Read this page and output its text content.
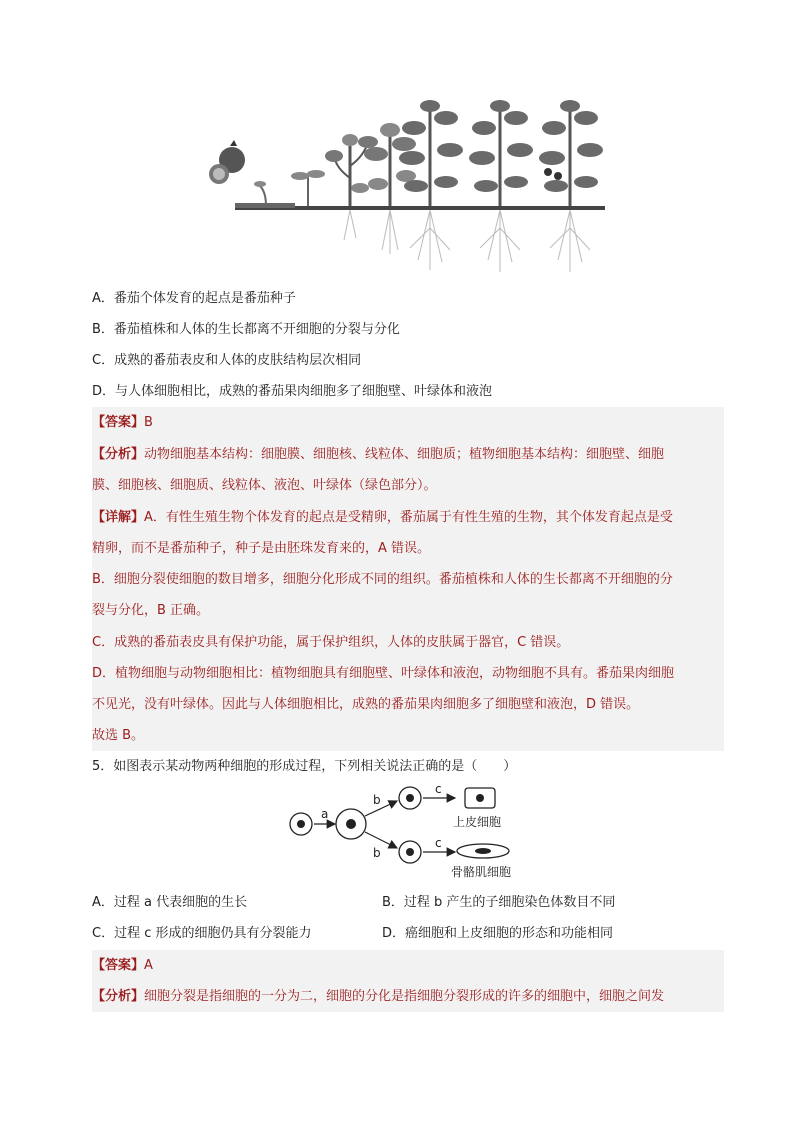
A．番茄个体发育的起点是番茄种子
B．番茄植株和人体的生长都离不开细胞的分裂与分化
C．成熟的番茄表皮和人体的皮肤结构层次相同
D．与人体细胞相比，成熟的番茄果肉细胞多了细胞壁、叶绿体和液泡
【答案】B
【分析】动物细胞基本结构：细胞膜、细胞核、线粒体、细胞质；植物细胞基本结构：细胞壁、细胞
膜、细胞核、细胞质、线粒体、液泡、叶绿体（绿色部分）。
【详解】A．有性生殖生物个体发育的起点是受精卵，番茄属于有性生殖的生物，其个体发育起点是受
精卵，而不是番茄种子，种子是由胚珠发育来的，A 错误。
B．细胞分裂使细胞的数目增多，细胞分化形成不同的组织。番茄植株和人体的生长都离不开细胞的分
裂与分化，B 正确。
C．成熟的番茄表皮具有保护功能，属于保护组织，人体的皮肤属于器官，C 错误。
D．植物细胞与动物细胞相比：植物细胞具有细胞壁、叶绿体和液泡，动物细胞不具有。番茄果肉细胞
不见光，没有叶绿体。因此与人体细胞相比，成熟的番茄果肉细胞多了细胞壁和液泡，D 错误。
故选 B。
5．如图表示某动物两种细胞的形成过程，下列相关说法正确的是（　　）
a
b
b
c
c
上皮细胞
骨骼肌细胞
A．过程 a 代表细胞的生长	B．过程 b 产生的子细胞染色体数目不同
C．过程 c 形成的细胞仍具有分裂能力	D．癌细胞和上皮细胞的形态和功能相同
【答案】A
【分析】细胞分裂是指细胞的一分为二，细胞的分化是指细胞分裂形成的许多的细胞中，细胞之间发
